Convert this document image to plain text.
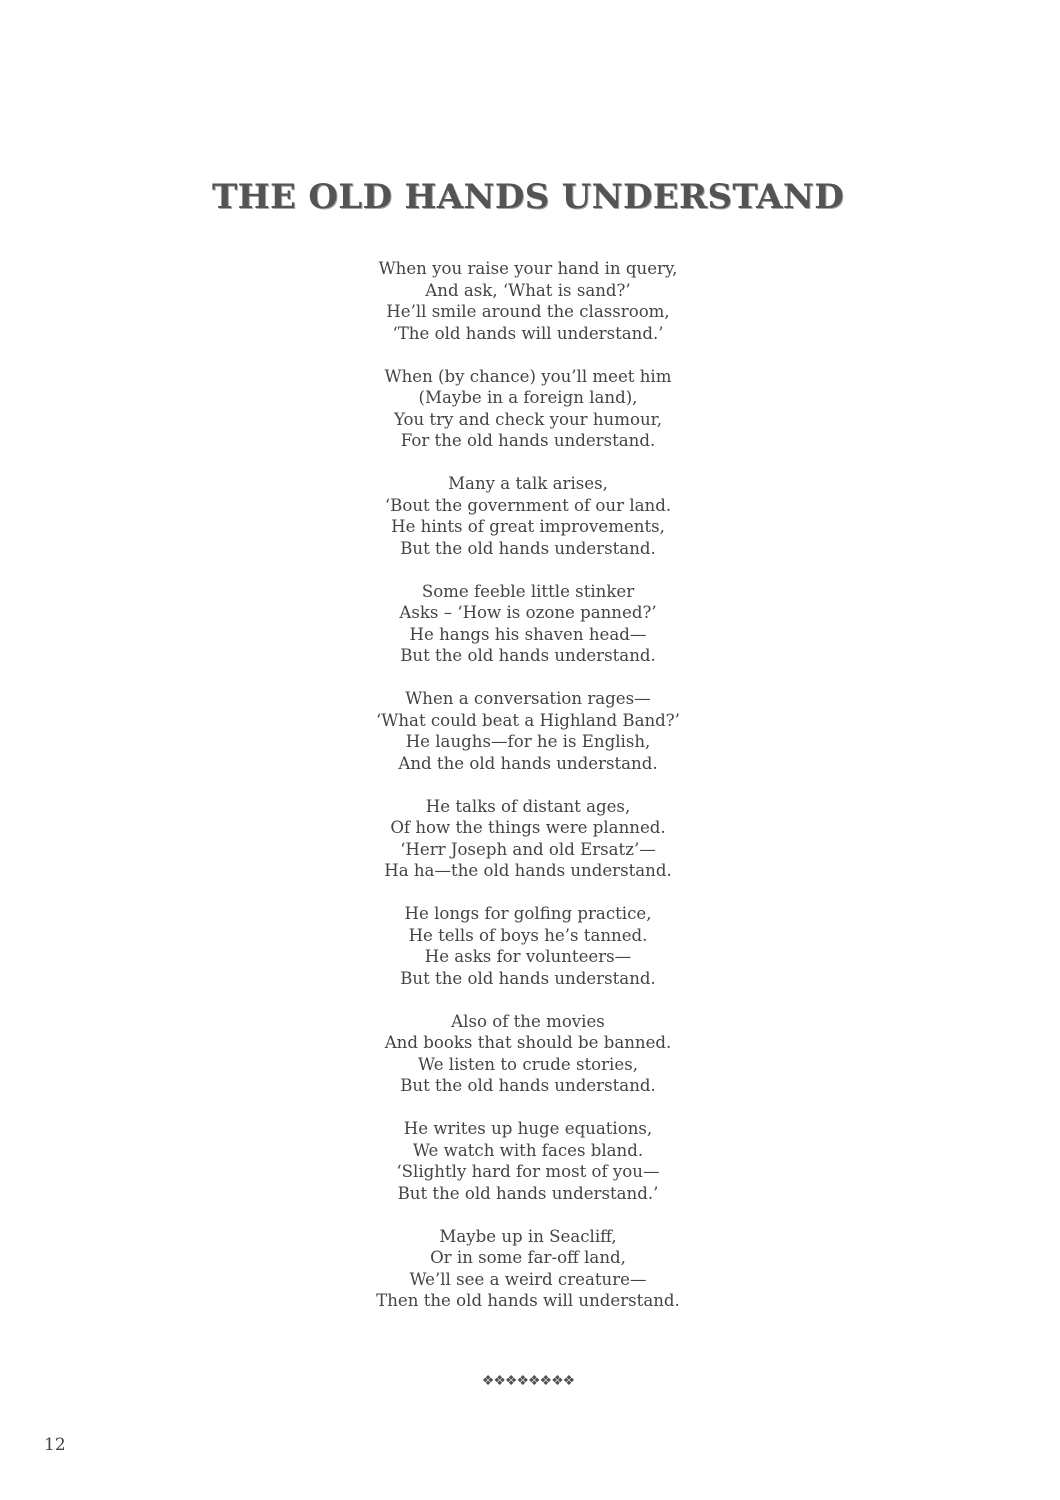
THE OLD HANDS UNDERSTAND
When you raise your hand in query,
And ask, ‘What is sand?’
He’ll smile around the classroom,
‘The old hands will understand.’
When (by chance) you’ll meet him
(Maybe in a foreign land),
You try and check your humour,
For the old hands understand.
Many a talk arises,
‘Bout the government of our land.
He hints of great improvements,
But the old hands understand.
Some feeble little stinker
Asks – ‘How is ozone panned?’
He hangs his shaven head—
But the old hands understand.
When a conversation rages—
‘What could beat a Highland Band?’
He laughs—for he is English,
And the old hands understand.
He talks of distant ages,
Of how the things were planned.
‘Herr Joseph and old Ersatz’—
Ha ha—the old hands understand.
He longs for golfing practice,
He tells of boys he’s tanned.
He asks for volunteers—
But the old hands understand.
Also of the movies
And books that should be banned.
We listen to crude stories,
But the old hands understand.
He writes up huge equations,
We watch with faces bland.
‘Slightly hard for most of you—
But the old hands understand.’
Maybe up in Seacliff,
Or in some far-off land,
We’ll see a weird creature—
Then the old hands will understand.
❖❖❖❖❖❖❖❖
12
